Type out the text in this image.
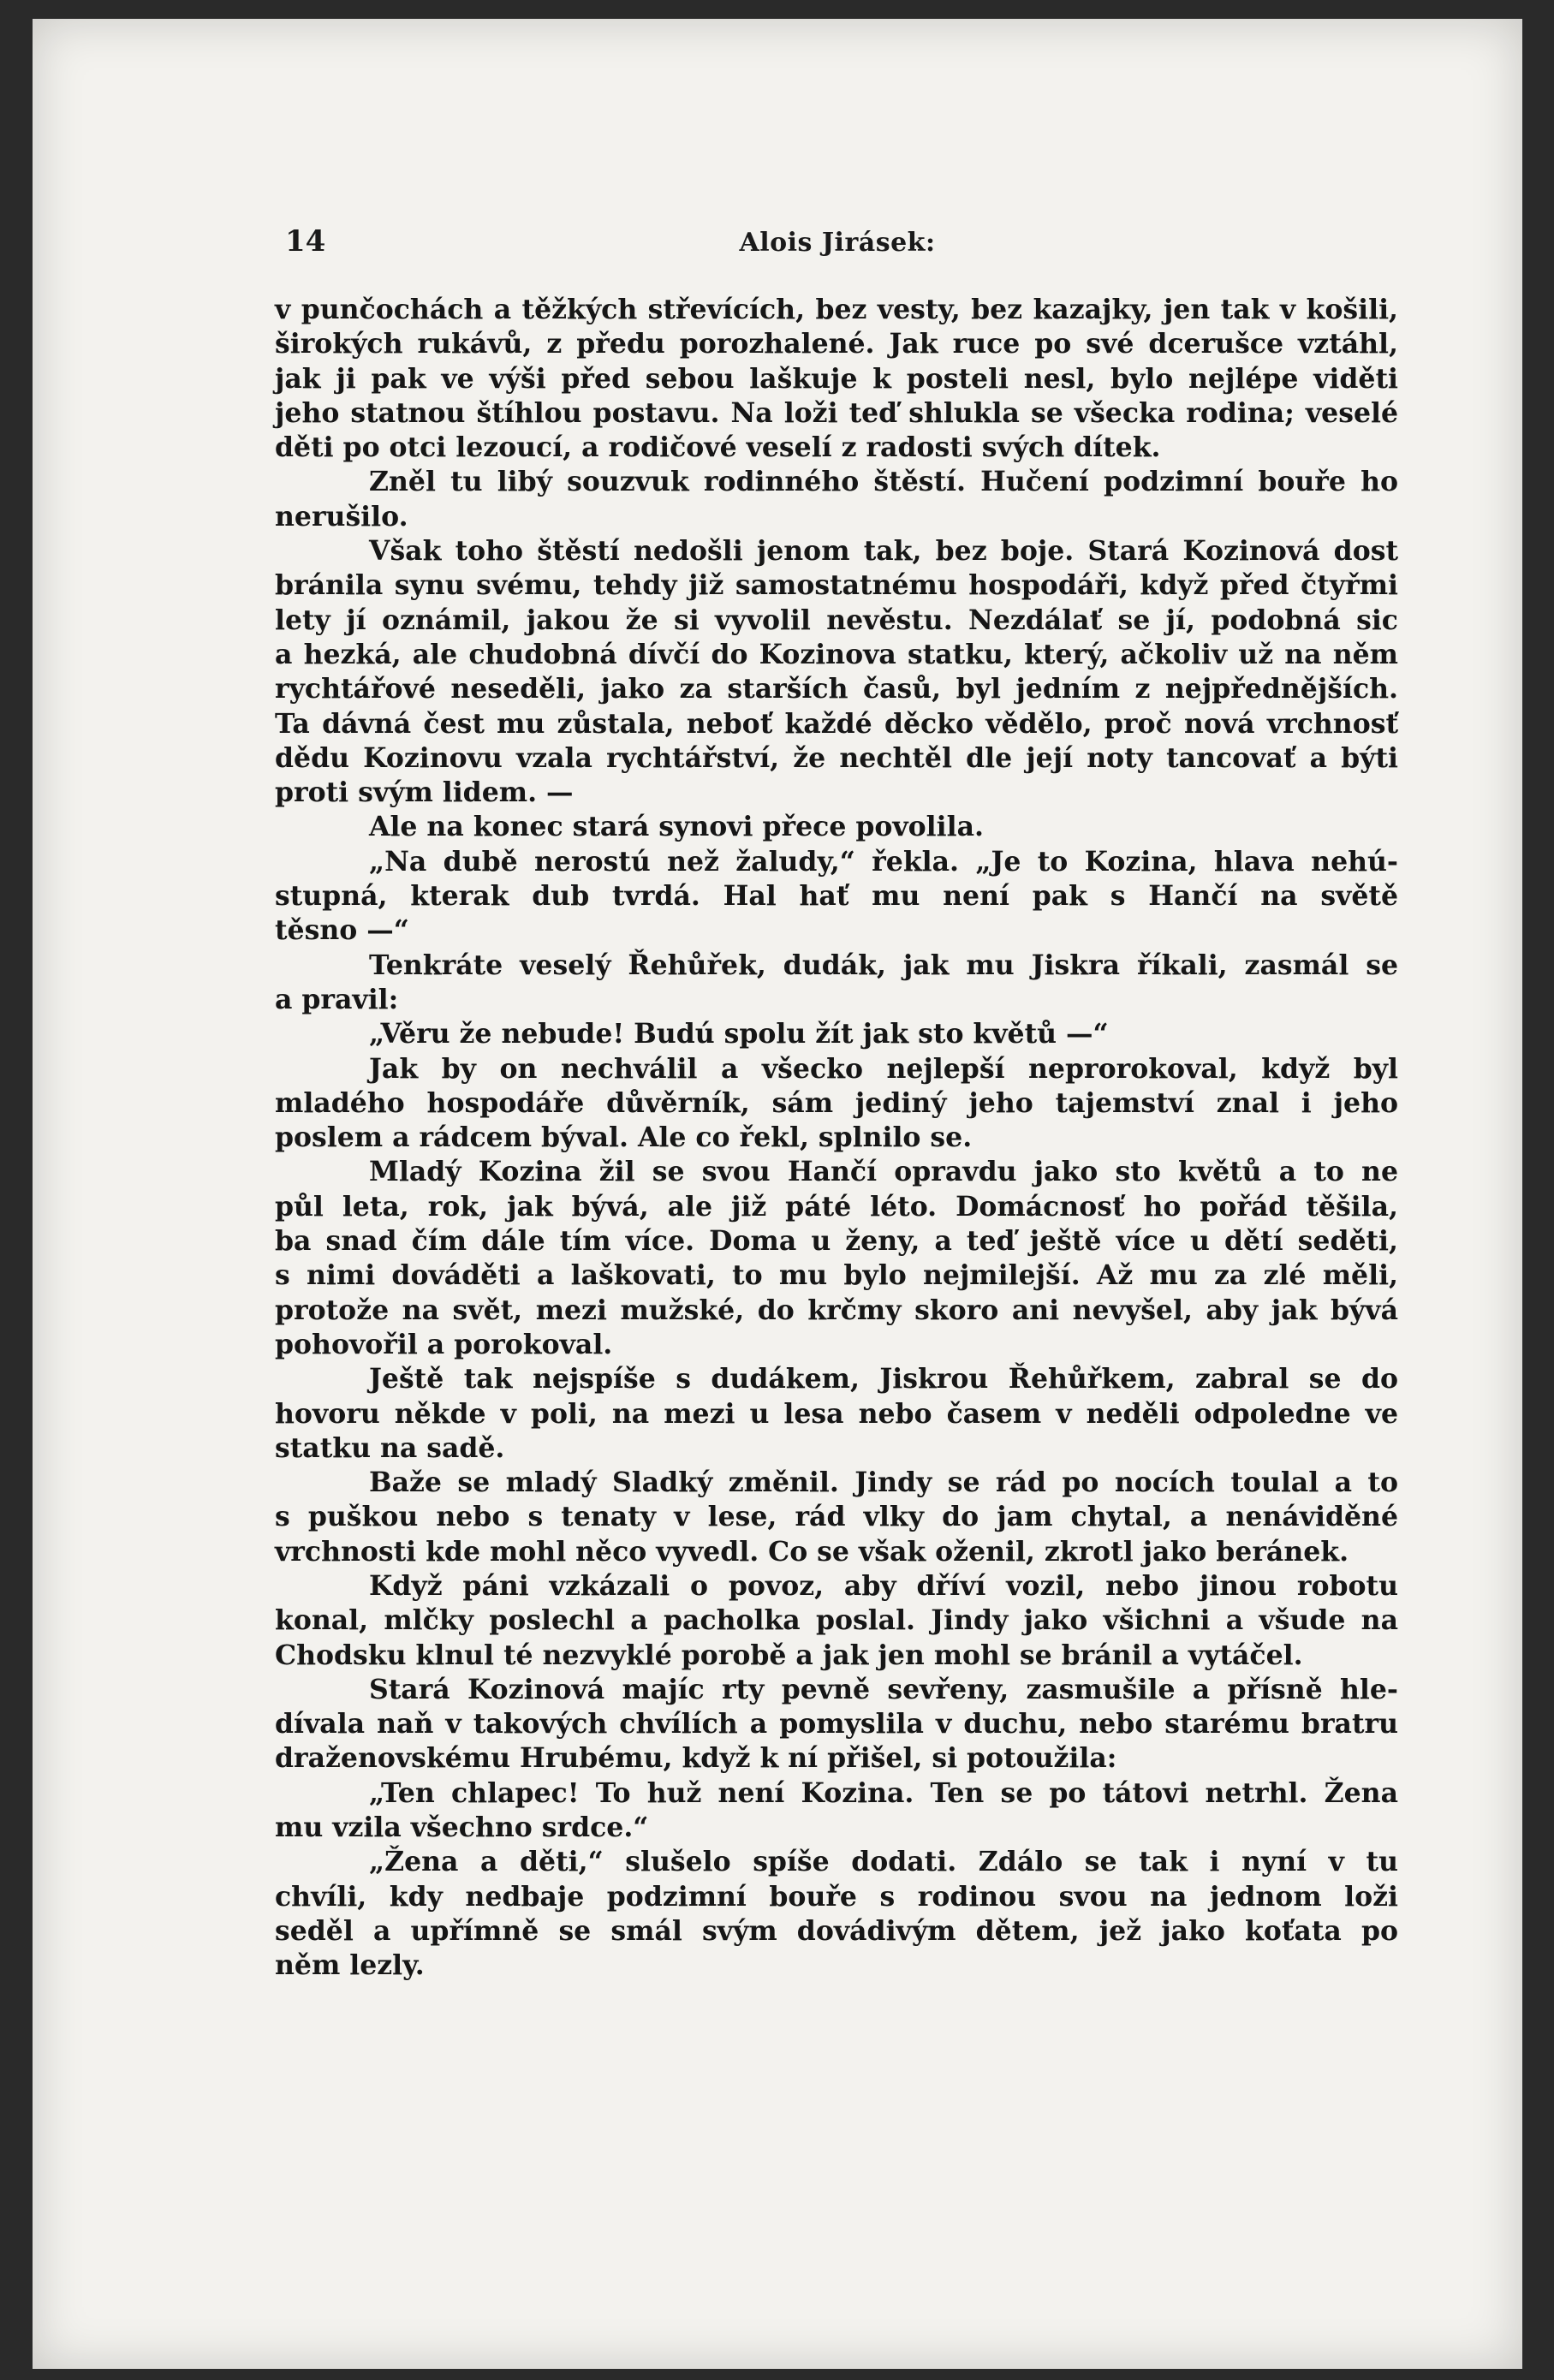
14	Alois Jirásek:
v punčochách a těžkých střevících, bez vesty, bez kazajky, jen tak v košili,
širokých rukávů, z předu porozhalené. Jak ruce po své dcerušce vztáhl,
jak ji pak ve výši před sebou laškuje k posteli nesl, bylo nejlépe viděti
jeho statnou štíhlou postavu. Na loži teď shlukla se všecka rodina; veselé
děti po otci lezoucí, a rodičové veselí z radosti svých dítek.
Zněl tu libý souzvuk rodinného štěstí. Hučení podzimní bouře ho
nerušilo.
Však toho štěstí nedošli jenom tak, bez boje. Stará Kozinová dost
bránila synu svému, tehdy již samostatnému hospodáři, když před čtyřmi
lety jí oznámil, jakou že si vyvolil nevěstu. Nezdálať se jí, podobná sic
a hezká, ale chudobná dívčí do Kozinova statku, který, ačkoliv už na něm
rychtářové neseděli, jako za starších časů, byl jedním z nejpřednějších.
Ta dávná čest mu zůstala, neboť každé děcko vědělo, proč nová vrchnosť
dědu Kozinovu vzala rychtářství, že nechtěl dle její noty tancovať a býti
proti svým lidem. —
Ale na konec stará synovi přece povolila.
„Na dubě nerostú než žaludy,“ řekla. „Je to Kozina, hlava nehú-
stupná, kterak dub tvrdá. Hal hať mu není pak s Hančí na světě
těsno —“
Tenkráte veselý Řehůřek, dudák, jak mu Jiskra říkali, zasmál se
a pravil:
„Věru že nebude! Budú spolu žít jak sto květů —“
Jak by on nechválil a všecko nejlepší neprorokoval, když byl
mladého hospodáře důvěrník, sám jediný jeho tajemství znal i jeho
poslem a rádcem býval. Ale co řekl, splnilo se.
Mladý Kozina žil se svou Hančí opravdu jako sto květů a to ne
půl leta, rok, jak bývá, ale již páté léto. Domácnosť ho pořád těšila,
ba snad čím dále tím více. Doma u ženy, a teď ještě více u dětí seděti,
s nimi dováděti a laškovati, to mu bylo nejmilejší. Až mu za zlé měli,
protože na svět, mezi mužské, do krčmy skoro ani nevyšel, aby jak bývá
pohovořil a porokoval.
Ještě tak nejspíše s dudákem, Jiskrou Řehůřkem, zabral se do
hovoru někde v poli, na mezi u lesa nebo časem v neděli odpoledne ve
statku na sadě.
Baže se mladý Sladký změnil. Jindy se rád po nocích toulal a to
s puškou nebo s tenaty v lese, rád vlky do jam chytal, a nenáviděné
vrchnosti kde mohl něco vyvedl. Co se však oženil, zkrotl jako beránek.
Když páni vzkázali o povoz, aby dříví vozil, nebo jinou robotu
konal, mlčky poslechl a pacholka poslal. Jindy jako všichni a všude na
Chodsku klnul té nezvyklé porobě a jak jen mohl se bránil a vytáčel.
Stará Kozinová majíc rty pevně sevřeny, zasmušile a přísně hle-
dívala naň v takových chvílích a pomyslila v duchu, nebo starému bratru
draženovskému Hrubému, když k ní přišel, si potoužila:
„Ten chlapec! To huž není Kozina. Ten se po tátovi netrhl. Žena
mu vzila všechno srdce.“
„Žena a děti,“ slušelo spíše dodati. Zdálo se tak i nyní v tu
chvíli, kdy nedbaje podzimní bouře s rodinou svou na jednom loži
seděl a upřímně se smál svým dovádivým dětem, jež jako koťata po
něm lezly.
